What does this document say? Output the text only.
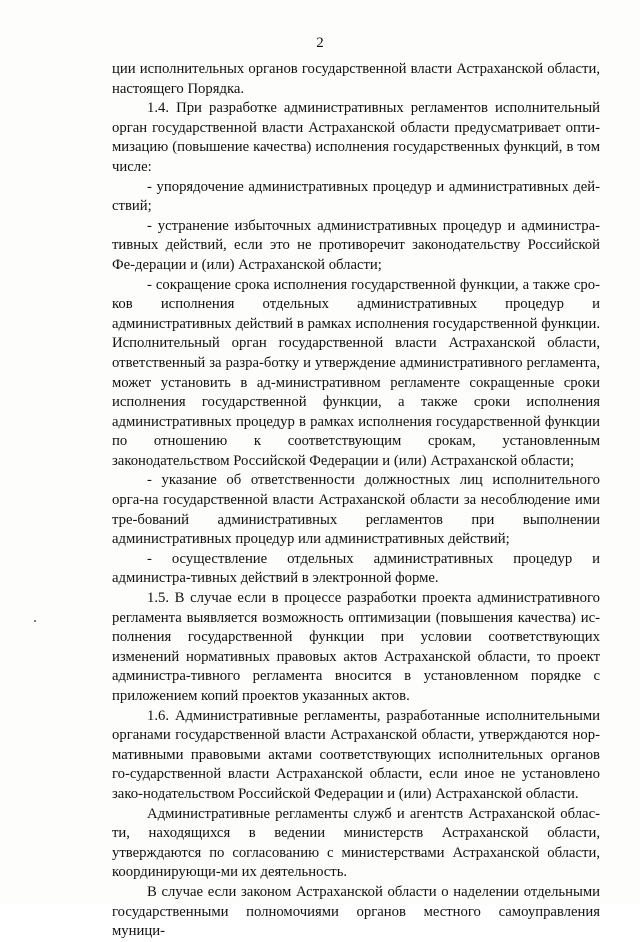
2

ции исполнительных органов государственной власти Астраханской области, настоящего Порядка.

1.4. При разработке административных регламентов исполнительный орган государственной власти Астраханской области предусматривает опти-мизацию (повышение качества) исполнения государственных функций, в том числе:

- упорядочение административных процедур и административных дей-ствий;

- устранение избыточных административных процедур и администра-тивных действий, если это не противоречит законодательству Российской Фе-дерации и (или) Астраханской области;

- сокращение срока исполнения государственной функции, а также сро-ков исполнения отдельных административных процедур и административных действий в рамках исполнения государственной функции. Исполнительный орган государственной власти Астраханской области, ответственный за разра-ботку и утверждение административного регламента, может установить в ад-министративном регламенте сокращенные сроки исполнения государственной функции, а также сроки исполнения административных процедур в рамках исполнения государственной функции по отношению к соответствующим срокам, установленным законодательством Российской Федерации и (или) Астраханской области;

- указание об ответственности должностных лиц исполнительного орга-на государственной власти Астраханской области за несоблюдение ими тре-бований административных регламентов при выполнении административных процедур или административных действий;

- осуществление отдельных административных процедур и администра-тивных действий в электронной форме.

1.5. В случае если в процессе разработки проекта административного регламента выявляется возможность оптимизации (повышения качества) ис-полнения государственной функции при условии соответствующих изменений нормативных правовых актов Астраханской области, то проект администра-тивного регламента вносится в установленном порядке с приложением копий проектов указанных актов.

1.6. Административные регламенты, разработанные исполнительными органами государственной власти Астраханской области, утверждаются нор-мативными правовыми актами соответствующих исполнительных органов го-сударственной власти Астраханской области, если иное не установлено зако-нодательством Российской Федерации и (или) Астраханской области.

Административные регламенты служб и агентств Астраханской облас-ти, находящихся в ведении министерств Астраханской области, утверждаются по согласованию с министерствами Астраханской области, координирующи-ми их деятельность.

В случае если законом Астраханской области о наделении отдельными государственными полномочиями органов местного самоуправления муници-
